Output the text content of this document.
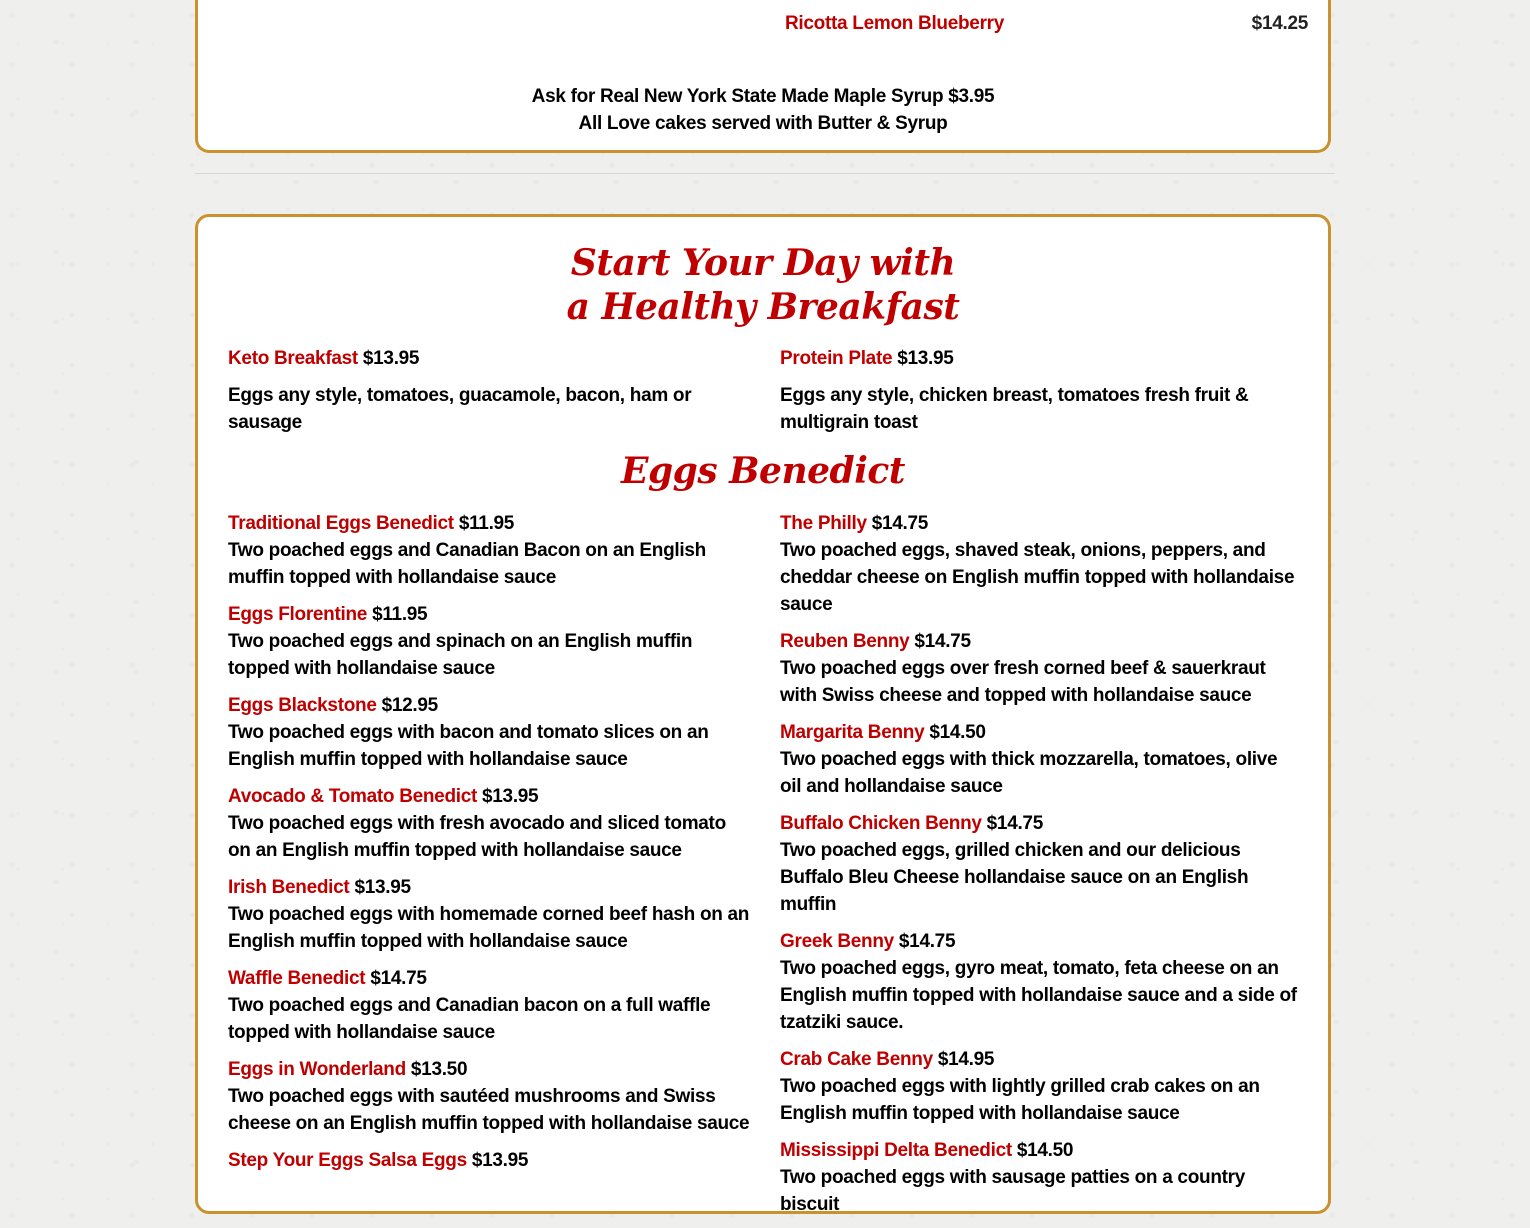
Ricotta Lemon Blueberry	$14.25
Ask for Real New York State Made Maple Syrup $3.95
All Love cakes served with Butter & Syrup
Start Your Day with
a Healthy Breakfast
Keto Breakfast $13.95
Eggs any style, tomatoes, guacamole, bacon, ham or sausage
Protein Plate $13.95
Eggs any style, chicken breast, tomatoes fresh fruit & multigrain toast
Eggs Benedict
Traditional Eggs Benedict $11.95
Two poached eggs and Canadian Bacon on an English muffin topped with hollandaise sauce
Eggs Florentine $11.95
Two poached eggs and spinach on an English muffin topped with hollandaise sauce
Eggs Blackstone $12.95
Two poached eggs with bacon and tomato slices on an English muffin topped with hollandaise sauce
Avocado & Tomato Benedict $13.95
Two poached eggs with fresh avocado and sliced tomato on an English muffin topped with hollandaise sauce
Irish Benedict $13.95
Two poached eggs with homemade corned beef hash on an English muffin topped with hollandaise sauce
Waffle Benedict $14.75
Two poached eggs and Canadian bacon on a full waffle topped with hollandaise sauce
Eggs in Wonderland $13.50
Two poached eggs with sautéed mushrooms and Swiss cheese on an English muffin topped with hollandaise sauce
Step Your Eggs Salsa Eggs $13.95
The Philly $14.75
Two poached eggs, shaved steak, onions, peppers, and cheddar cheese on English muffin topped with hollandaise sauce
Reuben Benny $14.75
Two poached eggs over fresh corned beef & sauerkraut with Swiss cheese and topped with hollandaise sauce
Margarita Benny $14.50
Two poached eggs with thick mozzarella, tomatoes, olive oil and hollandaise sauce
Buffalo Chicken Benny $14.75
Two poached eggs, grilled chicken and our delicious Buffalo Bleu Cheese hollandaise sauce on an English muffin
Greek Benny $14.75
Two poached eggs, gyro meat, tomato, feta cheese on an English muffin topped with hollandaise sauce and a side of tzatziki sauce.
Crab Cake Benny $14.95
Two poached eggs with lightly grilled crab cakes on an English muffin topped with hollandaise sauce
Mississippi Delta Benedict $14.50
Two poached eggs with sausage patties on a country biscuit
